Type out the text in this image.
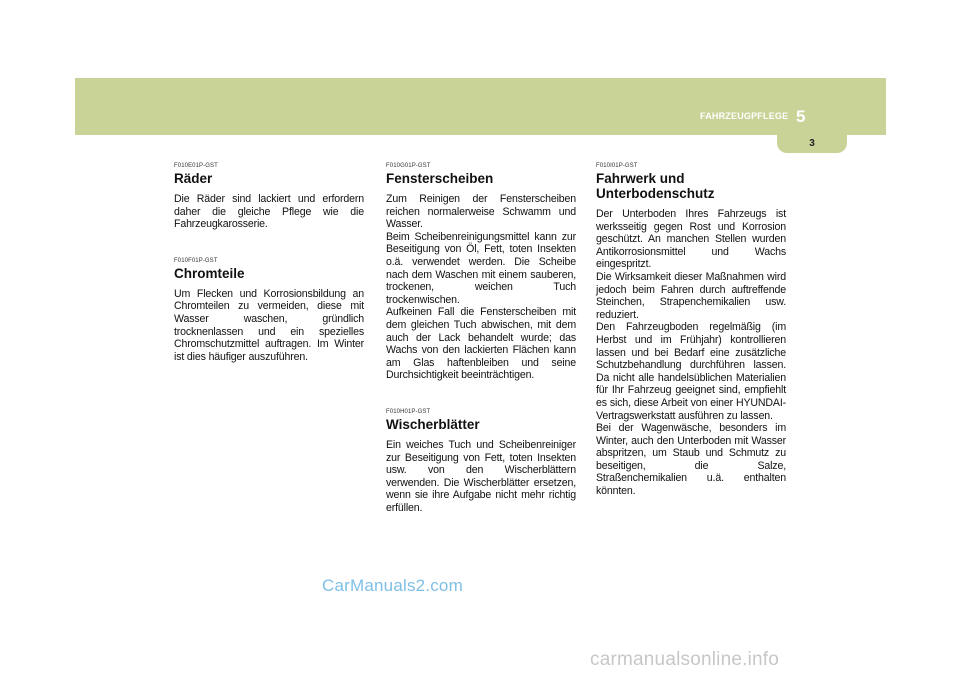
FAHRZEUGPFLEGE 5
3
F010E01P-GST
Räder

Die Räder sind lackiert und erfordern daher die gleiche Pflege wie die Fahrzeugkarosserie.

F010F01P-GST
Chromteile

Um Flecken und Korrosionsbildung an Chromteilen zu vermeiden, diese mit Wasser waschen, gründlich trocknenlassen und ein spezielles Chromschutzmittel auftragen. Im Winter ist dies häufiger auszuführen.

F010G01P-GST
Fensterscheiben

Zum Reinigen der Fensterscheiben reichen normalerweise Schwamm und Wasser.
Beim Scheibenreinigungsmittel kann zur Beseitigung von Öl, Fett, toten Insekten o.ä. verwendet werden. Die Scheibe nach dem Waschen mit einem sauberen, trockenen, weichen Tuch trockenwischen.
Aufkeinen Fall die Fensterscheiben mit dem gleichen Tuch abwischen, mit dem auch der Lack behandelt wurde; das Wachs von den lackierten Flächen kann am Glas haftenbleiben und seine Durchsichtigkeit beeinträchtigen.

F010H01P-GST
Wischerblätter

Ein weiches Tuch und Scheibenreiniger zur Beseitigung von Fett, toten Insekten usw. von den Wischerblättern verwenden. Die Wischerblätter ersetzen, wenn sie ihre Aufgabe nicht mehr richtig erfüllen.

F010I01P-GST
Fahrwerk und Unterbodenschutz

Der Unterboden Ihres Fahrzeugs ist werksseitig gegen Rost und Korrosion geschützt. An manchen Stellen wurden Antikorrosionsmittel und Wachs eingespritzt.
Die Wirksamkeit dieser Maßnahmen wird jedoch beim Fahren durch auftreffende Steinchen, Strapenchemikalien usw. reduziert.
Den Fahrzeugboden regelmäßig (im Herbst und im Frühjahr) kontrollieren lassen und bei Bedarf eine zusätzliche Schutzbehandlung durchführen lassen. Da nicht alle handelsüblichen Materialien für Ihr Fahrzeug geeignet sind, empfiehlt es sich, diese Arbeit von einer HYUNDAI-Vertragswerkstatt ausführen zu lassen.
Bei der Wagenwäsche, besonders im Winter, auch den Unterboden mit Wasser abspritzen, um Staub und Schmutz zu beseitigen, die Salze, Straßenchemikalien u.ä. enthalten könnten.

CarManuals2.com
carmanualsonline.info
